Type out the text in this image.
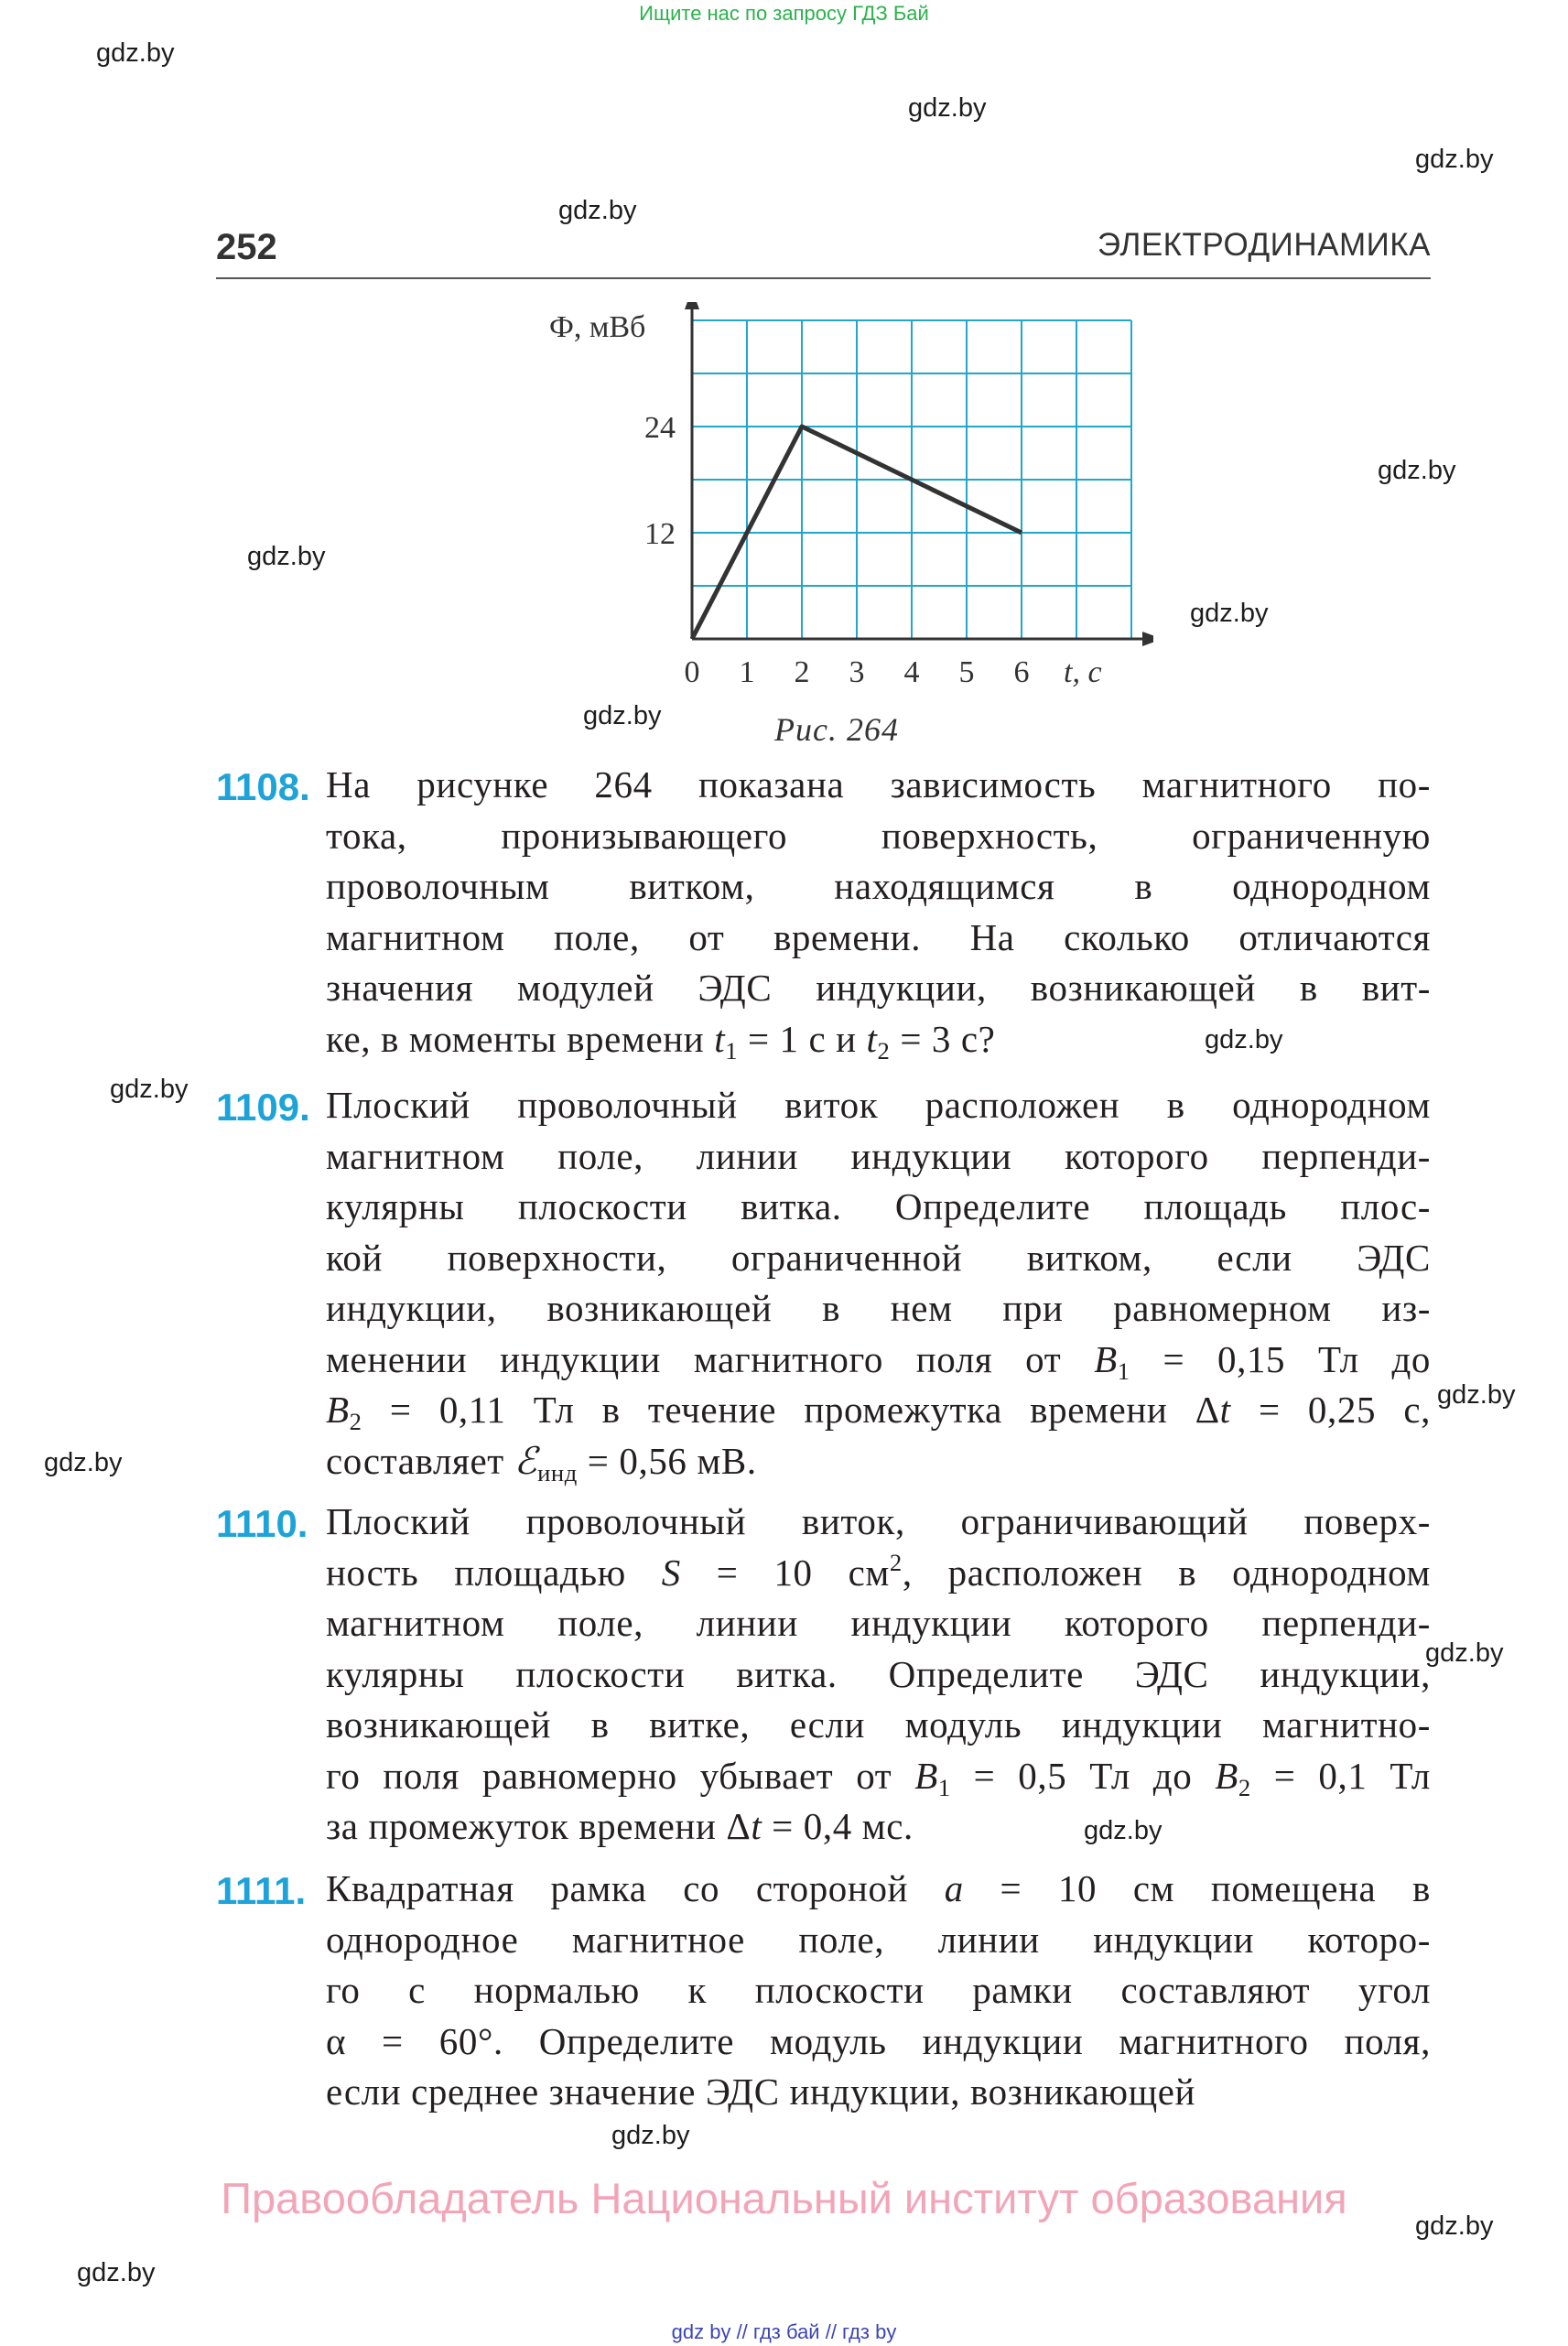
Ищите нас по запросу ГДЗ Бай
gdz by // гдз бай // гдз by
gdz.by
gdz.by
gdz.by
gdz.by
gdz.by
gdz.by
gdz.by
gdz.by
gdz.by
gdz.by
gdz.by
gdz.by
gdz.by
gdz.by
gdz.by
gdz.by
gdz.by
252	ЭЛЕКТРОДИНАМИКА
0 1 2 3 4 5 6
12
24
Ф, мВб
t, с
Рис. 264
1108. На рисунке 264 показана зависимость магнитного по-
тока, пронизывающего поверхность, ограниченную
проволочным витком, находящимся в однородном
магнитном поле, от времени. На сколько отличаются
значения модулей ЭДС индукции, возникающей в вит-
ке, в моменты времени $t_1 = 1$ с и $t_2 = 3$ с?
1109. Плоский проволочный виток расположен в однородном
магнитном поле, линии индукции которого перпенди-
кулярны плоскости витка. Определите площадь плос-
кой поверхности, ограниченной витком, если ЭДС
индукции, возникающей в нем при равномерном из-
менении индукции магнитного поля от $B_1 = 0,15$ Тл до
$B_2 = 0,11$ Тл в течение промежутка времени Δt = 0,25 с,
составляет ℰ$_{инд}$ = 0,56 мВ.
1110. Плоский проволочный виток, ограничивающий поверх-
ность площадью S = 10 $см^2$, расположен в однородном
магнитном поле, линии индукции которого перпенди-
кулярны плоскости витка. Определите ЭДС индукции,
возникающей в витке, если модуль индукции магнитно-
го поля равномерно убывает от $B_1 = 0,5$ Тл до $B_2 = 0,1$ Тл
за промежуток времени Δt = 0,4 мс.
1111. Квадратная рамка со стороной a = 10 см помещена в
однородное магнитное поле, линии индукции которо-
го с нормалью к плоскости рамки составляют угол
α = 60°. Определите модуль индукции магнитного поля,
если среднее значение ЭДС индукции, возникающей
Правообладатель Национальный институт образования
